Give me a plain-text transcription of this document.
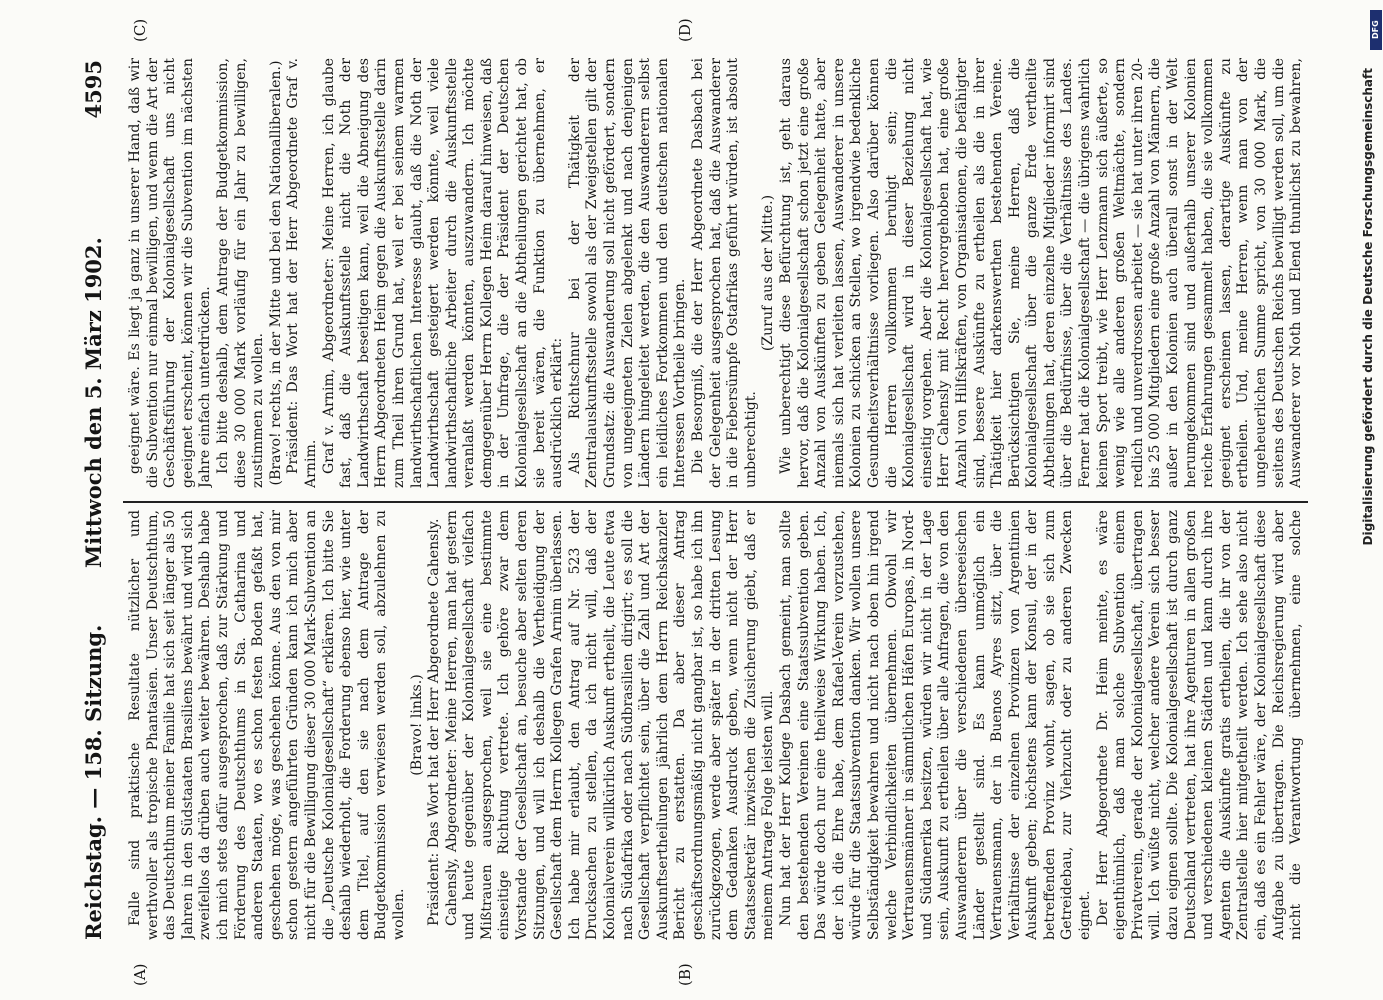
Reichstag. — 158. Sitzung.
Mittwoch den 5. März 1902.
4595
(A)	(B)
(C)	(D)

Falle sind praktische Resultate nützlicher und werthvoller als tropische Phantasien. Unser Deutschthum, das Deutschthum meiner Familie hat sich seit länger als 50 Jahren in den Südstaaten Brasiliens bewährt und wird sich zweifellos da drüben auch weiter bewähren. Deshalb habe ich mich stets dafür ausgesprochen, daß zur Stärkung und Förderung des Deutschthums in Sta. Catharina und anderen Staaten, wo es schon festen Boden gefaßt hat, geschehen möge, was geschehen könne. Aus den von mir schon gestern angeführten Gründen kann ich mich aber nicht für die Bewilligung dieser 30 000 Mark-Subvention an die „Deutsche Kolonialgesellschaft“ erklären. Ich bitte Sie deshalb wiederholt, die Forderung ebenso hier, wie unter dem Titel, auf den sie nach dem Antrage der Budgetkommission verwiesen werden soll, abzulehnen zu wollen.

(Bravo! links.) Präsident: Das Wort hat der Herr Abgeordnete Cahensly. Cahensly, Abgeordneter: Meine Herren, man hat gestern und heute gegenüber der Kolonialgesellschaft vielfach Mißtrauen ausgesprochen, weil sie eine bestimmte einseitige Richtung vertrete. Ich gehöre zwar dem Vorstande der Gesellschaft an, besuche aber selten deren Sitzungen, und will ich deshalb die Vertheidigung der Gesellschaft dem Herrn Kollegen Grafen Arnim überlassen. Ich habe mir erlaubt, den Antrag auf Nr. 523 der Drucksachen zu stellen, da ich nicht will, daß der Kolonialverein willkürlich Auskunft ertheilt, die Leute etwa nach Südafrika oder nach Südbrasilien dirigirt; es soll die Gesellschaft verpflichtet sein, über die Zahl und Art der Auskunftsertheilungen jährlich dem Herrn Reichskanzler Bericht zu erstatten. Da aber dieser Antrag geschäftsordnungsmäßig nicht gangbar ist, so habe ich ihn zurückgezogen, werde aber später in der dritten Lesung dem Gedanken Ausdruck geben, wenn nicht der Herr Staatssekretär inzwischen die Zusicherung giebt, daß er meinem Antrage Folge leisten will. Nun hat der Herr Kollege Dasbach gemeint, man sollte den bestehenden Vereinen eine Staatssubvention geben. Das würde doch nur eine theilweise Wirkung haben. Ich, der ich die Ehre habe, dem Rafael-Verein vorzustehen, würde für die Staatssubvention danken. Wir wollen unsere Selbständigkeit bewahren und nicht nach oben hin irgend welche Verbindlichkeiten übernehmen. Obwohl wir Vertrauensmänner in sämmtlichen Häfen Europas, in Nord- und Südamerika besitzen, würden wir nicht in der Lage sein, Auskunft zu ertheilen über alle Anfragen, die von den Auswanderern über die verschiedenen überseeischen Länder gestellt sind. Es kann unmöglich ein Vertrauensmann, der in Buenos Ayres sitzt, über die Verhältnisse der einzelnen Provinzen von Argentinien Auskunft geben; höchstens kann der Konsul, der in der betreffenden Provinz wohnt, sagen, ob sie sich zum Getreidebau, zur Viehzucht oder zu anderen Zwecken eignet. Der Herr Abgeordnete Dr. Heim meinte, es wäre eigenthümlich, daß man solche Subvention einem Privatverein, gerade der Kolonialgesellschaft, übertragen will. Ich wüßte nicht, welcher andere Verein sich besser dazu eignen sollte. Die Kolonialgesellschaft ist durch ganz Deutschland vertreten, hat ihre Agenturen in allen großen und verschiedenen kleinen Städten und kann durch ihre Agenten die Auskünfte gratis ertheilen, die ihr von der Zentralstelle hier mitgetheilt werden. Ich sehe also nicht ein, daß es ein Fehler wäre, der Kolonialgesellschaft diese Aufgabe zu übertragen. Die Reichsregierung wird aber nicht die Verantwortung übernehmen, eine solche

geeignet wäre. Es liegt ja ganz in unserer Hand, daß wir die Subvention nur einmal bewilligen, und wenn die Art der Geschäftsführung der Kolonialgesellschaft uns nicht geeignet erscheint, können wir die Subvention im nächsten Jahre einfach unterdrücken. Ich bitte deshalb, dem Antrage der Budgetkommission, diese 30 000 Mark vorläufig für ein Jahr zu bewilligen, zustimmen zu wollen. (Bravo! rechts, in der Mitte und bei den Nationalliberalen.) Präsident: Das Wort hat der Herr Abgeordnete Graf v. Arnim. Graf v. Arnim, Abgeordneter: Meine Herren, ich glaube fast, daß die Auskunftsstelle nicht die Noth der Landwirthschaft beseitigen kann, weil die Abneigung des Herrn Abgeordneten Heim gegen die Auskunftsstelle darin zum Theil ihren Grund hat, weil er bei seinem warmen landwirthschaftlichen Interesse glaubt, daß die Noth der Landwirthschaft gesteigert werden könnte, weil viele landwirthschaftliche Arbeiter durch die Auskunftsstelle veranlaßt werden könnten, auszuwandern. Ich möchte demgegenüber Herrn Kollegen Heim darauf hinweisen, daß in der Umfrage, die der Präsident der Deutschen Kolonialgesellschaft an die Abtheilungen gerichtet hat, ob sie bereit wären, die Funktion zu übernehmen, er ausdrücklich erklärt: Als Richtschnur bei der Thätigkeit der Zentralauskunftsstelle sowohl als der Zweigstellen gilt der Grundsatz: die Auswanderung soll nicht gefördert, sondern von ungeeigneten Zielen abgelenkt und nach denjenigen Ländern hingeleitet werden, die den Auswanderern selbst ein leidliches Fortkommen und den deutschen nationalen Interessen Vortheile bringen. Die Besorgniß, die der Herr Abgeordnete Dasbach bei der Gelegenheit ausgesprochen hat, daß die Auswanderer in die Fiebersümpfe Ostafrikas geführt würden, ist absolut unberechtigt.

(Zuruf aus der Mitte.)

Wie unberechtigt diese Befürchtung ist, geht daraus hervor, daß die Kolonialgesellschaft schon jetzt eine große Anzahl von Auskünften zu geben Gelegenheit hatte, aber niemals sich hat verleiten lassen, Auswanderer in unsere Kolonien zu schicken an Stellen, wo irgendwie bedenkliche Gesundheitsverhältnisse vorliegen. Also darüber können die Herren vollkommen beruhigt sein; die Kolonialgesellschaft wird in dieser Beziehung nicht einseitig vorgehen. Aber die Kolonialgesellschaft hat, wie Herr Cahensly mit Recht hervorgehoben hat, eine große Anzahl von Hilfskräften, von Organisationen, die befähigter sind, bessere Auskünfte zu ertheilen als die in ihrer Thätigkeit hier darkenswerthen bestehenden Vereine. Berücksichtigen Sie, meine Herren, daß die Kolonialgesellschaft über die ganze Erde vertheilte Abtheilungen hat, deren einzelne Mitglieder informirt sind über die Bedürfnisse, über die Verhältnisse des Landes. Ferner hat die Kolonialgesellschaft — die übrigens wahrlich keinen Sport treibt, wie Herr Lenzmann sich äußerte, so wenig wie alle anderen großen Weltmächte, sondern redlich und unverdrossen arbeitet — sie hat unter ihren 20- bis 25 000 Mitgliedern eine große Anzahl von Männern, die außer in den Kolonien auch überall sonst in der Welt herumgekommen sind und außerhalb unserer Kolonien reiche Erfahrungen gesammelt haben, die sie vollkommen geeignet erscheinen lassen, derartige Auskünfte zu ertheilen. Und, meine Herren, wenn man von der ungeheuerlichen Summe spricht, von 30 000 Mark, die seitens des Deutschen Reichs bewilligt werden soll, um die Auswanderer vor Noth und Elend thunlichst zu bewahren,

DFG
Digitalisierung gefördert durch die Deutsche Forschungsgemeinschaft
